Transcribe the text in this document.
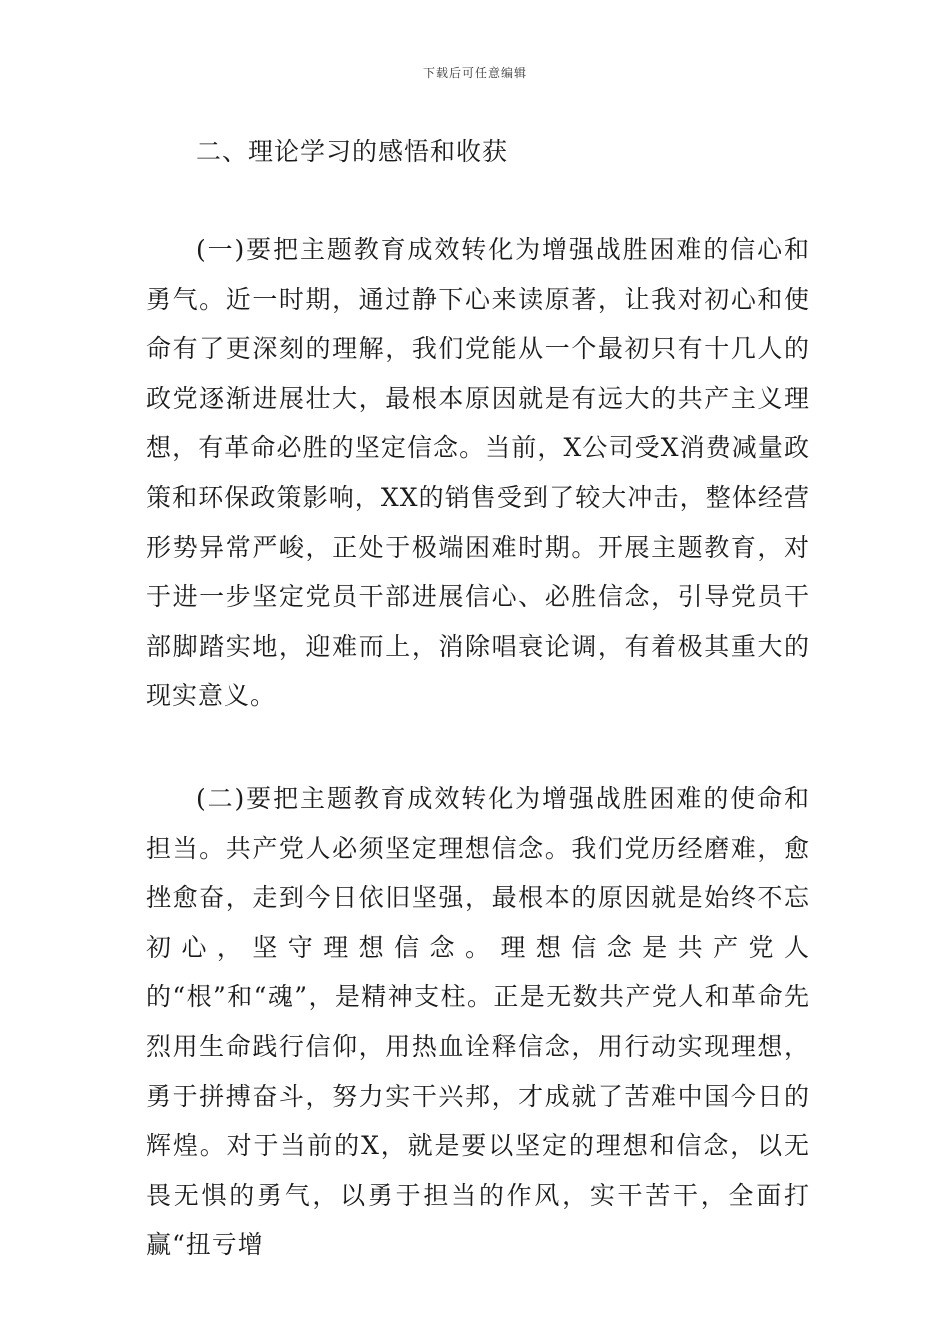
下载后可任意编辑
二、理论学习的感悟和收获

(一)要把主题教育成效转化为增强战胜困难的信心和勇气。近一时期，通过静下心来读原著，让我对初心和使命有了更深刻的理解，我们党能从一个最初只有十几人的政党逐渐进展壮大，最根本原因就是有远大的共产主义理想，有革命必胜的坚定信念。当前，X公司受X消费减量政策和环保政策影响，XX的销售受到了较大冲击，整体经营形势异常严峻，正处于极端困难时期。开展主题教育，对于进一步坚定党员干部进展信心、必胜信念，引导党员干部脚踏实地，迎难而上，消除唱衰论调，有着极其重大的现实意义。

(二)要把主题教育成效转化为增强战胜困难的使命和担当。共产党人必须坚定理想信念。我们党历经磨难，愈挫愈奋，走到今日依旧坚强，最根本的原因就是始终不忘初心，坚守理想信念。理想信念是共产党人的“根”和“魂”，是精神支柱。正是无数共产党人和革命先烈用生命践行信仰，用热血诠释信念，用行动实现理想，勇于拼搏奋斗，努力实干兴邦，才成就了苦难中国今日的辉煌。对于当前的X，就是要以坚定的理想和信念，以无畏无惧的勇气，以勇于担当的作风，实干苦干，全面打赢“扭亏增
